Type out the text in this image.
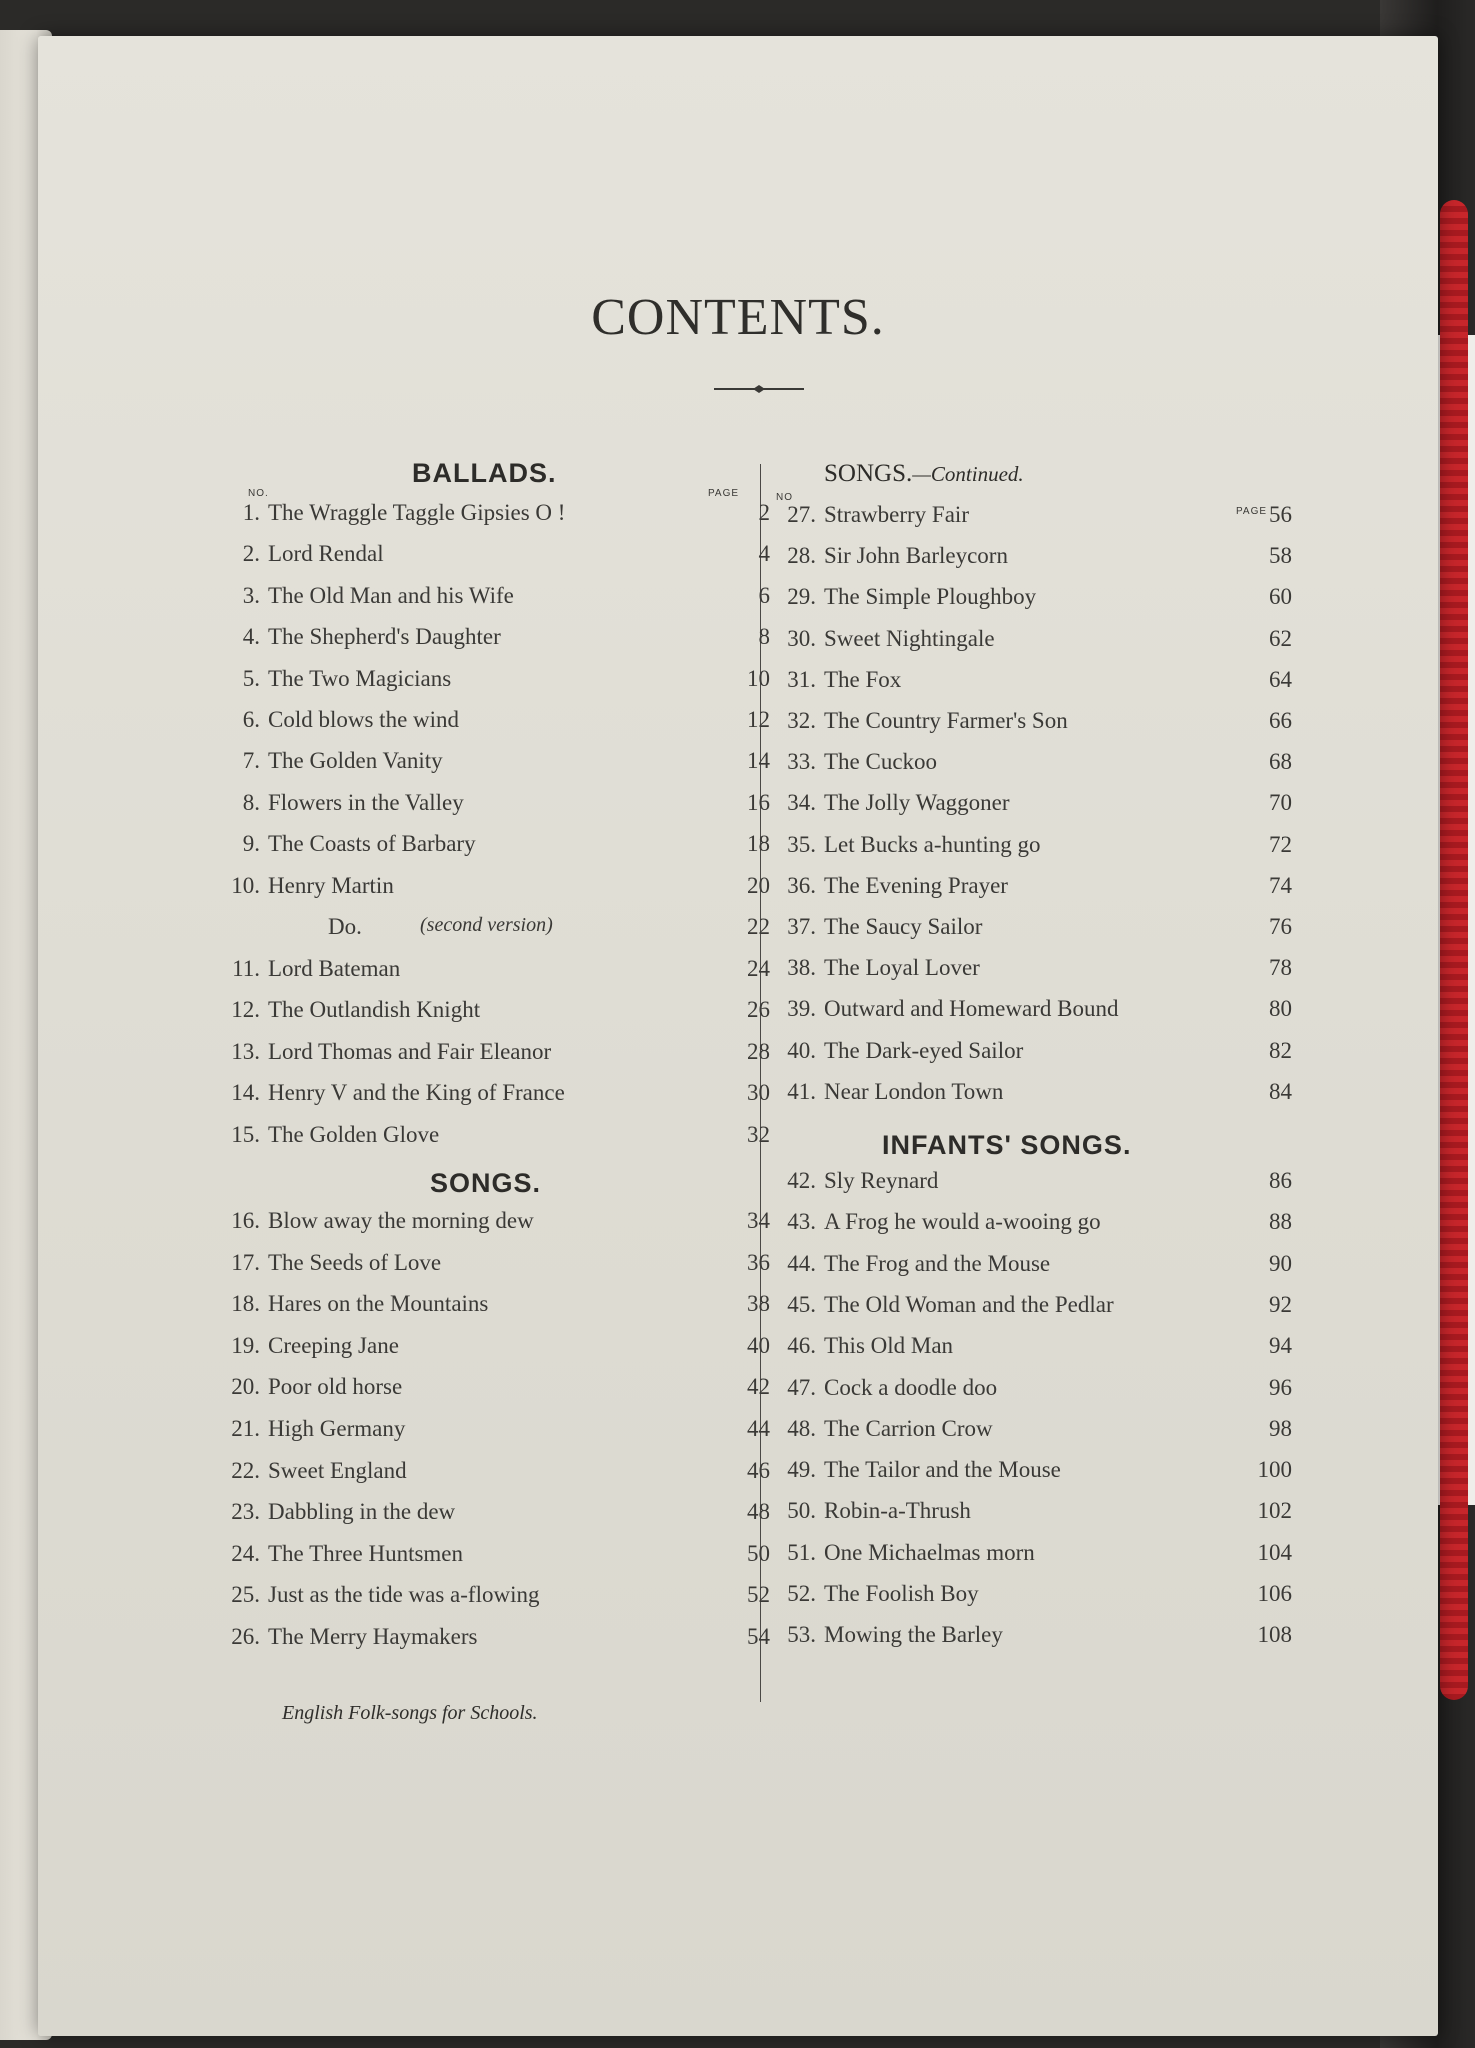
CONTENTS.
BALLADS.
NO.	PAGE
1. The Wraggle Taggle Gipsies O !	2
2. Lord Rendal	4
3. The Old Man and his Wife	6
4. The Shepherd's Daughter	8
5. The Two Magicians	10
6. Cold blows the wind	12
7. The Golden Vanity	14
8. Flowers in the Valley	16
9. The Coasts of Barbary	18
10. Henry Martin	20
Do.	(second version)	22
11. Lord Bateman	24
12. The Outlandish Knight	26
13. Lord Thomas and Fair Eleanor	28
14. Henry V and the King of France	30
15. The Golden Glove	32
SONGS.
16. Blow away the morning dew	34
17. The Seeds of Love	36
18. Hares on the Mountains	38
19. Creeping Jane	40
20. Poor old horse	42
21. High Germany	44
22. Sweet England	46
23. Dabbling in the dew	48
24. The Three Huntsmen	50
25. Just as the tide was a-flowing	52
26. The Merry Haymakers	54
SONGS.—Continued.
NO
PAGE
27. Strawberry Fair	56
28. Sir John Barleycorn	58
29. The Simple Ploughboy	60
30. Sweet Nightingale	62
31. The Fox	64
32. The Country Farmer's Son	66
33. The Cuckoo	68
34. The Jolly Waggoner	70
35. Let Bucks a-hunting go	72
36. The Evening Prayer	74
37. The Saucy Sailor	76
38. The Loyal Lover	78
39. Outward and Homeward Bound	80
40. The Dark-eyed Sailor	82
41. Near London Town	84
INFANTS' SONGS.
42. Sly Reynard	86
43. A Frog he would a-wooing go	88
44. The Frog and the Mouse	90
45. The Old Woman and the Pedlar	92
46. This Old Man	94
47. Cock a doodle doo	96
48. The Carrion Crow	98
49. The Tailor and the Mouse	100
50. Robin-a-Thrush	102
51. One Michaelmas morn	104
52. The Foolish Boy	106
53. Mowing the Barley	108
English Folk-songs for Schools.
